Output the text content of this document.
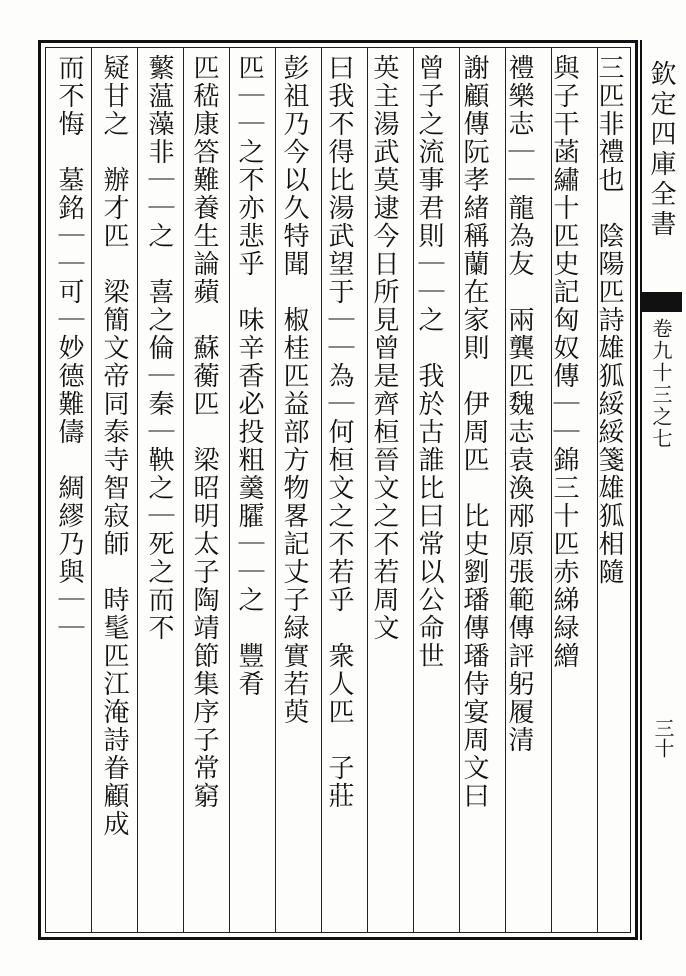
三匹非禮也　陰陽匹詩雄狐綏綏箋雄狐相隨
與子干菡繡十匹史記匈奴傳｜｜錦三十匹赤綈緑繒
禮樂志｜｜龍為友　兩龔匹魏志袁渙邴原張範傳評躬履清
謝顧傳阮孝緒稱蘭在家則　伊周匹　比史劉璠傳璠侍宴周文曰
曾子之流事君則｜｜之　我於古誰比曰常以公命世
英主湯武莫逮今日所見曾是齊桓晉文之不若周文
曰我不得比湯武望于｜｜為｜何桓文之不若乎　衆人匹　子莊
彭祖乃今以久特聞　椒桂匹益部方物畧記丈子緑實若萸
匹｜｜之不亦悲乎　味辛香必投粗羹臛｜｜之　豐肴
匹嵇康答難養生論蘋　蘇蘅匹　梁昭明太子陶靖節集序子常窮
蘩蕰藻非｜｜之　喜之倫｜秦｜鞅之｜死之而不
疑甘之　辦才匹　梁簡文帝同泰寺智寂師　時髦匹江淹詩眷顧成
而不悔　墓銘｜｜可｜妙德難儔　綢繆乃與｜｜	欽定四庫全書
卷九十三之七
三十
